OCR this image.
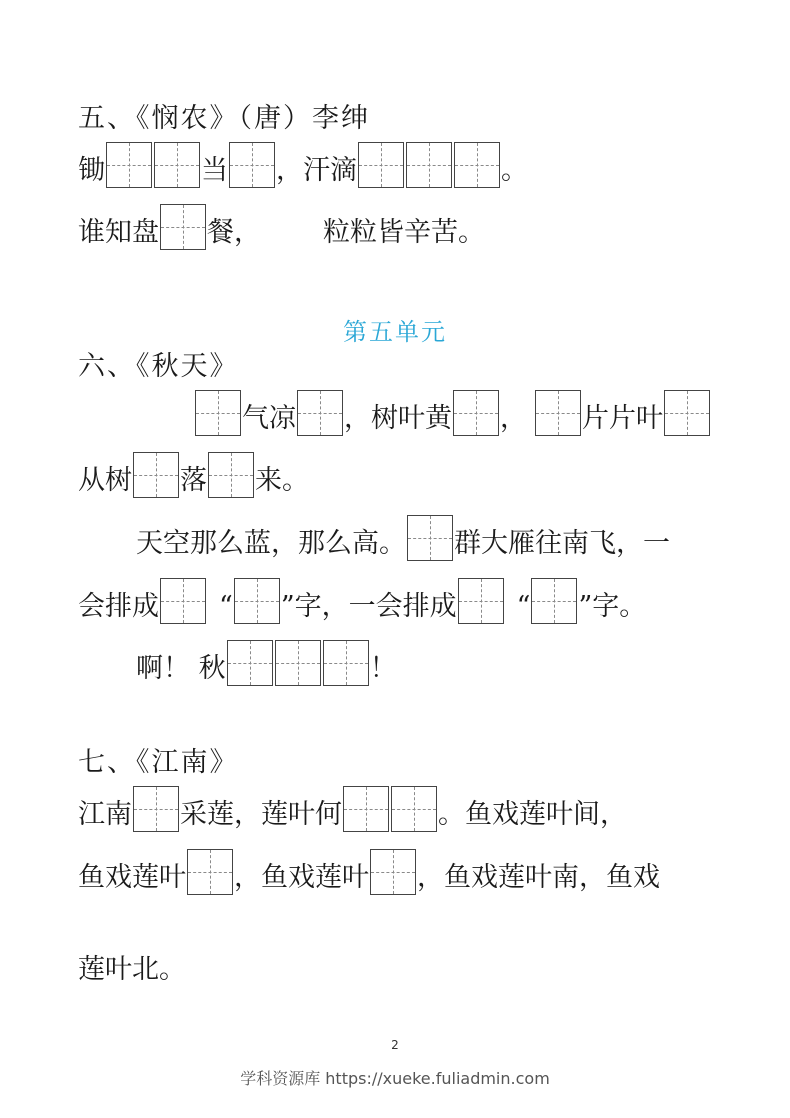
五、《悯农》（唐）李绅
锄	当 ，汗滴	。
谁知盘 餐， 粒粒皆辛苦。
第五单元
六、《秋天》
气凉 ，树叶黄 ， 片片叶
从树 落 来。
天空那么蓝，那么高。 群大雁往南飞，一
会排成 “ ”字，一会排成 “ ”字。
啊！ 秋	！
七、《江南》
江南 采莲，莲叶何	。鱼戏莲叶间，
鱼戏莲叶 ，鱼戏莲叶 ，鱼戏莲叶南，鱼戏
莲叶北。
2
学科资源库 https://xueke.fuliadmin.com
